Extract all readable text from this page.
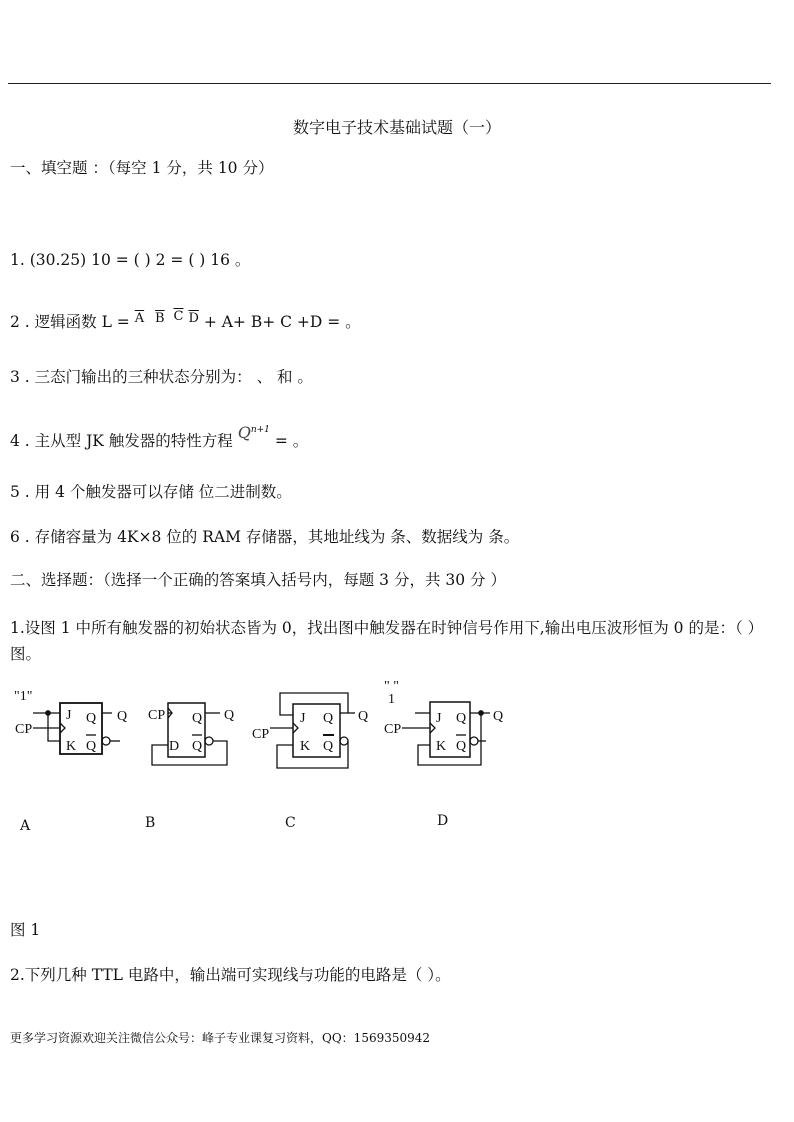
数字电子技术基础试题（一）
一、填空题 ：（每空 1 分，共 10 分）
1. (30.25) 10 = ( ) 2 = ( ) 16 。
2 . 逻辑函数 L = $^{\overline{A}}$ $^{\overline{B}}$ $^{\overline{C}}$ $^{\overline{D}}$ + A+ B+ C +D = 。
3 . 三态门输出的三种状态分别为： 、 和 。
4 . 主从型 JK 触发器的特性方程 $Q^{n+1}$ = 。
5 . 用 4 个触发器可以存储 位二进制数。
6 . 存储容量为 4K×8 位的 RAM 存储器，其地址线为 条、数据线为 条。
二、选择题：（选择一个正确的答案填入括号内，每题 3 分，共 30 分 ）
1.设图 1 中所有触发器的初始状态皆为 0，找出图中触发器在时钟信号作用下,输出电压波形恒为 0 的是：（ ）图。
"1"
CP
J
K
Q
Q
Q CP Q
Q
Q
D
Q
CP
J
K
Q
Q
" "
1
CP
J
K
Q
Q
Q
A	B	C	D
图 1
2.下列几种 TTL 电路中，输出端可实现线与功能的电路是（ ）。
更多学习资源欢迎关注微信公众号：峰子专业课复习资料，QQ：1569350942
